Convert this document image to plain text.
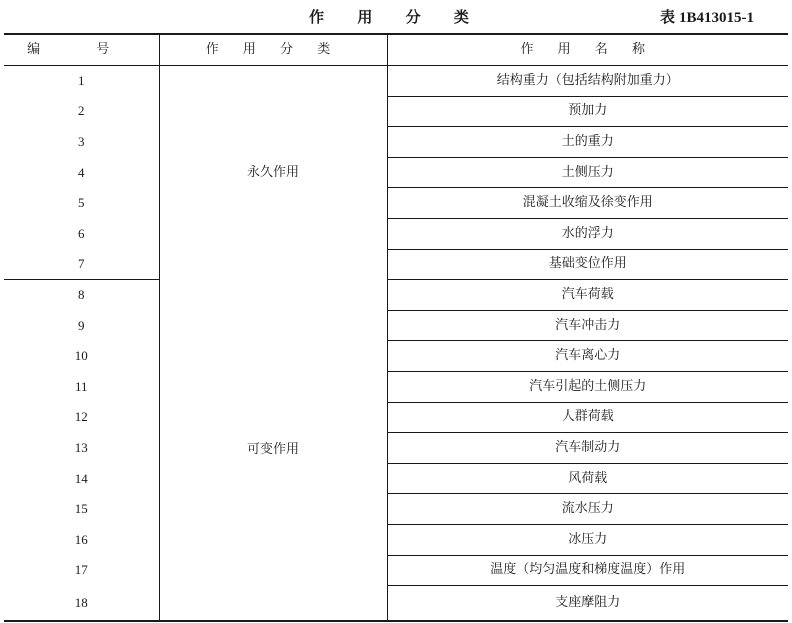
作 用 分 类	表 1B413015-1
编 号	作 用 分 类	作 用 名 称
1	永久作用	结构重力（包括结构附加重力）
2		预加力
3		土的重力
4		土侧压力
5		混凝土收缩及徐变作用
6		水的浮力
7		基础变位作用
8	可变作用	汽车荷载
9		汽车冲击力
10		汽车离心力
11		汽车引起的土侧压力
12		人群荷载
13		汽车制动力
14		风荷载
15		流水压力
16		冰压力
17		温度（均匀温度和梯度温度）作用
18		支座摩阻力
